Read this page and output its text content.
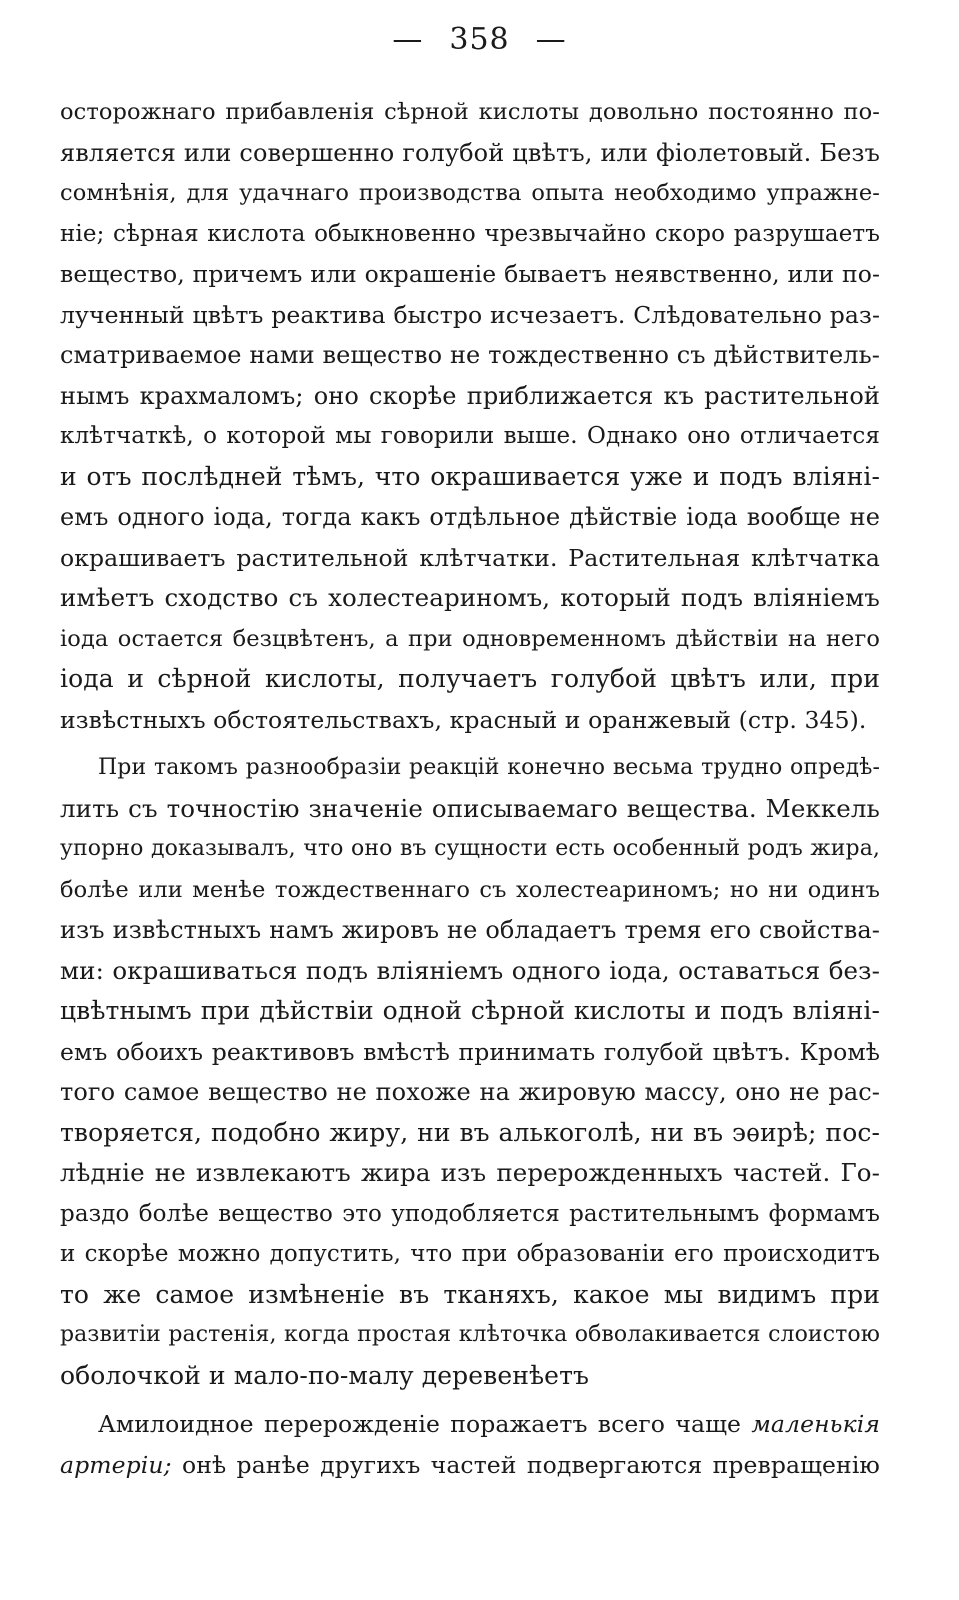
— 358 —
осторожнаго прибавленія сѣрной кислоты довольно постоянно по-
является или совершенно голубой цвѣтъ, или фіолетовый. Безъ
сомнѣнія, для удачнаго производства опыта необходимо упражне-
ніе; сѣрная кислота обыкновенно чрезвычайно скоро разрушаетъ
вещество, причемъ или окрашеніе бываетъ неявственно, или по-
лученный цвѣтъ реактива быстро исчезаетъ. Слѣдовательно раз-
сматриваемое нами вещество не тождественно съ дѣйствитель-
нымъ крахмаломъ; оно скорѣе приближается къ растительной
клѣтчаткѣ, о которой мы говорили выше. Однако оно отличается
и отъ послѣдней тѣмъ, что окрашивается уже и подъ вліяні-
емъ одного іода, тогда какъ отдѣльное дѣйствіе іода вообще не
окрашиваетъ растительной клѣтчатки. Растительная клѣтчатка
имѣетъ сходство съ холестеариномъ, который подъ вліяніемъ
іода остается безцвѣтенъ, а при одновременномъ дѣйствіи на него
іода и сѣрной кислоты, получаетъ голубой цвѣтъ или, при
извѣстныхъ обстоятельствахъ, красный и оранжевый (стр. 345).
При такомъ разнообразіи реакцій конечно весьма трудно опредѣ-
лить съ точностію значеніе описываемаго вещества. Меккель
упорно доказывалъ, что оно въ сущности есть особенный родъ жира,
болѣе или менѣе тождественнаго съ холестеариномъ; но ни одинъ
изъ извѣстныхъ намъ жировъ не обладаетъ тремя его свойства-
ми: окрашиваться подъ вліяніемъ одного іода, оставаться без-
цвѣтнымъ при дѣйствіи одной сѣрной кислоты и подъ вліяні-
емъ обоихъ реактивовъ вмѣстѣ принимать голубой цвѣтъ. Кромѣ
того самое вещество не похоже на жировую массу, оно не рас-
творяется, подобно жиру, ни въ алькоголѣ, ни въ эѳирѣ; пос-
лѣдніе не извлекаютъ жира изъ перерожденныхъ частей. Го-
раздо болѣе вещество это уподобляется растительнымъ формамъ
и скорѣе можно допустить, что при образованіи его происходитъ
то же самое измѣненіе въ тканяхъ, какое мы видимъ при
развитіи растенія, когда простая клѣточка обволакивается слоистою
оболочкой и мало-по-малу деревенѣетъ
Амилоидное перерожденіе поражаетъ всего чаще маленькія
артеріи; онѣ ранѣе другихъ частей подвергаются превращенію
